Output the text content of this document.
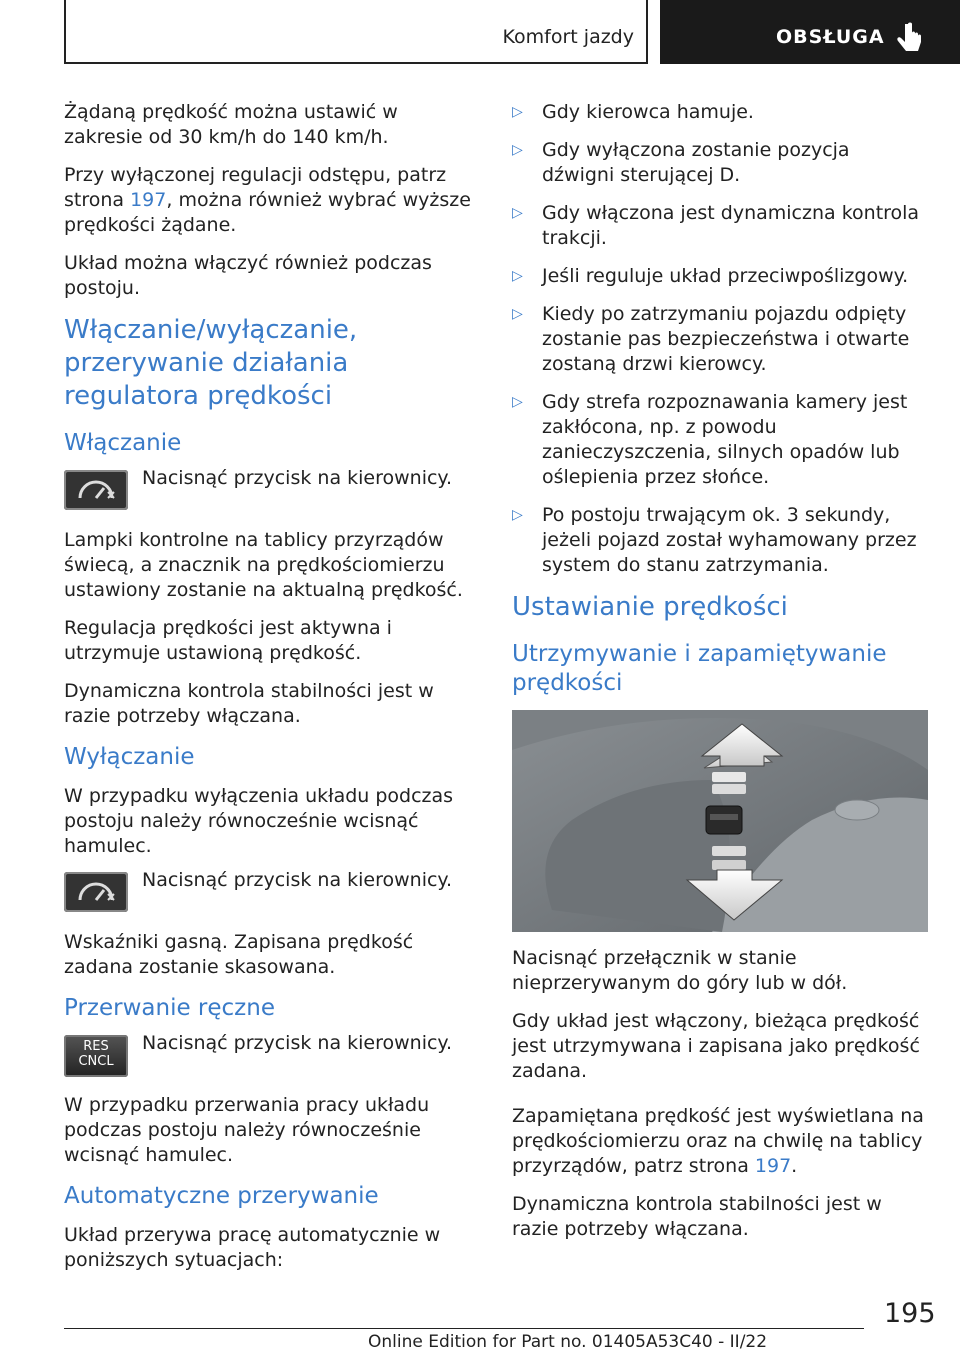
Komfort jazdy	OBSŁUGA

Żądaną prędkość można ustawić w zakresie od 30 km/h do 140 km/h.

Przy wyłączonej regulacji odstępu, patrz strona 197, można również wybrać wyższe prędkości żądane.

Układ można włączyć również podczas postoju.

Włączanie/wyłączanie, przerywanie działania regulatora prędkości
Włączanie
Nacisnąć przycisk na kierownicy.

Lampki kontrolne na tablicy przyrządów świecą, a znacznik na prędkościomierzu ustawiony zostanie na aktualną prędkość.

Regulacja prędkości jest aktywna i utrzymuje ustawioną prędkość.

Dynamiczna kontrola stabilności jest w razie potrzeby włączana.

Wyłączanie

W przypadku wyłączenia układu podczas postoju należy równocześnie wcisnąć hamulec.

Nacisnąć przycisk na kierownicy.

Wskaźniki gasną. Zapisana prędkość zadana zostanie skasowana.

Przerwanie ręczne
RES
CNCL
Nacisnąć przycisk na kierownicy.

W przypadku przerwania pracy układu podczas postoju należy równocześnie wcisnąć hamulec.

Automatyczne przerywanie

Układ przerywa pracę automatycznie w poniższych sytuacjach:

▷ Gdy kierowca hamuje.
▷ Gdy wyłączona zostanie pozycja dźwigni sterującej D.
▷ Gdy włączona jest dynamiczna kontrola trakcji.
▷ Jeśli reguluje układ przeciwpoślizgowy.
▷ Kiedy po zatrzymaniu pojazdu odpięty zostanie pas bezpieczeństwa i otwarte zostaną drzwi kierowcy.
▷ Gdy strefa rozpoznawania kamery jest zakłócona, np. z powodu zanieczyszczenia, silnych opadów lub oślepienia przez słońce.
▷ Po postoju trwającym ok. 3 sekundy, jeżeli pojazd został wyhamowany przez system do stanu zatrzymania.
Ustawianie prędkości
Utrzymywanie i zapamiętywanie prędkości

Nacisnąć przełącznik w stanie nieprzerywanym do góry lub w dół.

Gdy układ jest włączony, bieżąca prędkość jest utrzymywana i zapisana jako prędkość zadana.

Zapamiętana prędkość jest wyświetlana na prędkościomierzu oraz na chwilę na tablicy przyrządów, patrz strona 197.

Dynamiczna kontrola stabilności jest w razie potrzeby włączana.

195
Online Edition for Part no. 01405A53C40 - II/22
